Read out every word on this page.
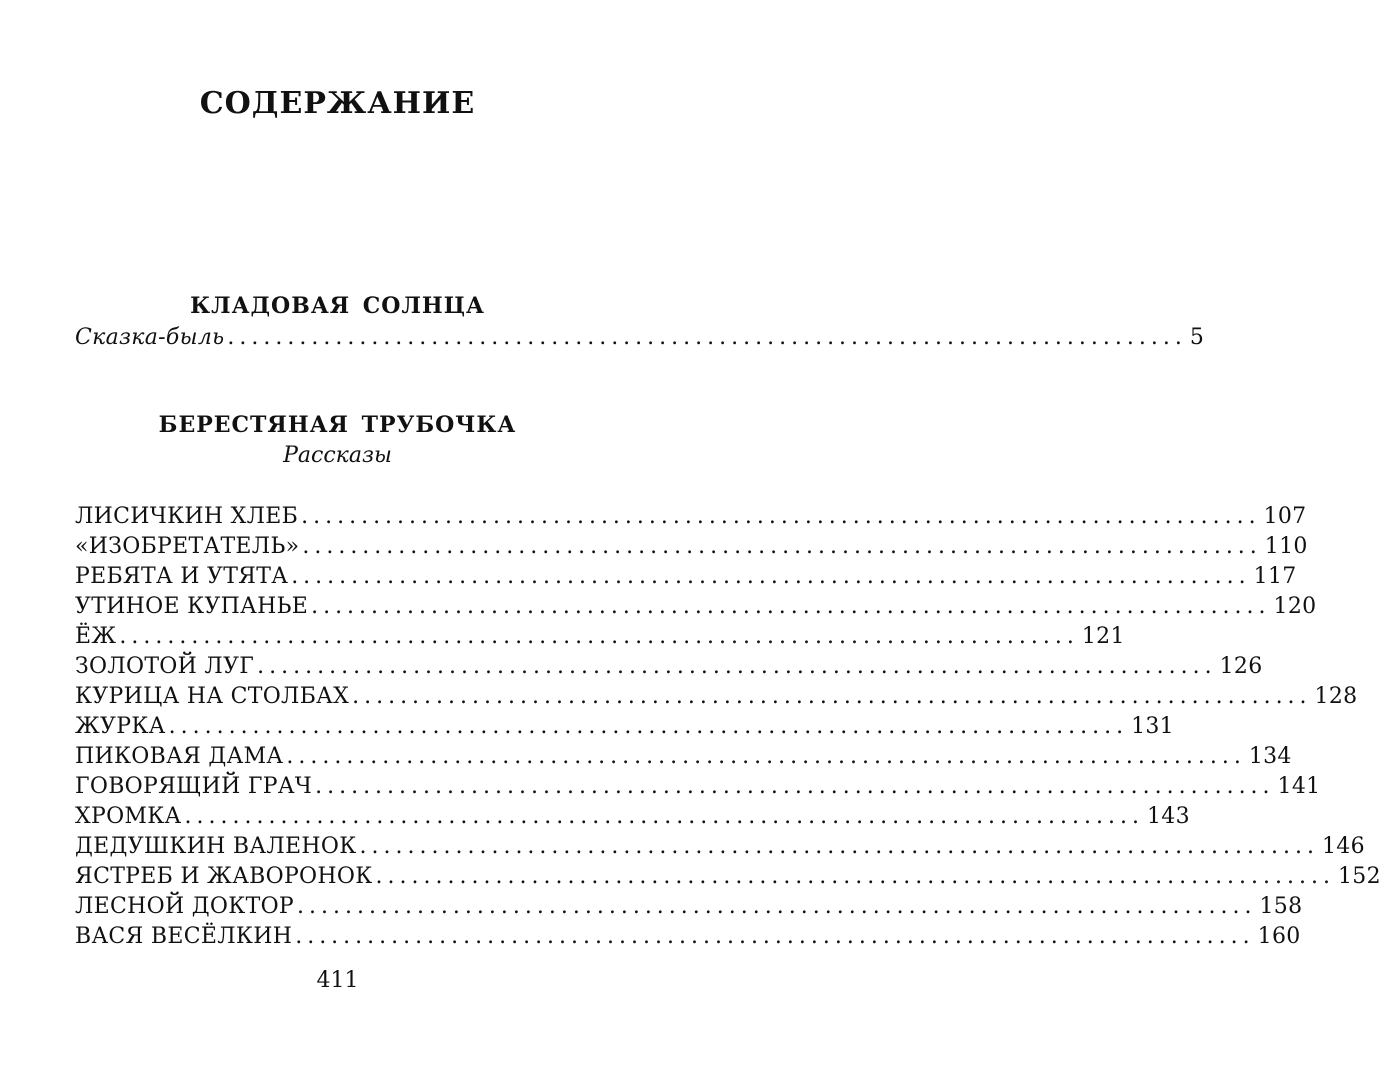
СОДЕРЖАНИЕ
КЛАДОВАЯ СОЛНЦА
Сказка-быль ................................................................................ 5
БЕРЕСТЯНАЯ ТРУБОЧКА
Рассказы
ЛИСИЧКИН ХЛЕБ ................................................................................ 107
«ИЗОБРЕТАТЕЛЬ» ................................................................................ 110
РЕБЯТА И УТЯТА ................................................................................ 117
УТИНОЕ КУПАНЬЕ ................................................................................ 120
ЁЖ ................................................................................ 121
ЗОЛОТОЙ ЛУГ ................................................................................ 126
КУРИЦА НА СТОЛБАХ ................................................................................ 128
ЖУРКА ................................................................................ 131
ПИКОВАЯ ДАМА ................................................................................ 134
ГОВОРЯЩИЙ ГРАЧ ................................................................................ 141
ХРОМКА ................................................................................ 143
ДЕДУШКИН ВАЛЕНОК ................................................................................ 146
ЯСТРЕБ И ЖАВОРОНОК ................................................................................ 152
ЛЕСНОЙ ДОКТОР ................................................................................ 158
ВАСЯ ВЕСЁЛКИН ................................................................................ 160
411
